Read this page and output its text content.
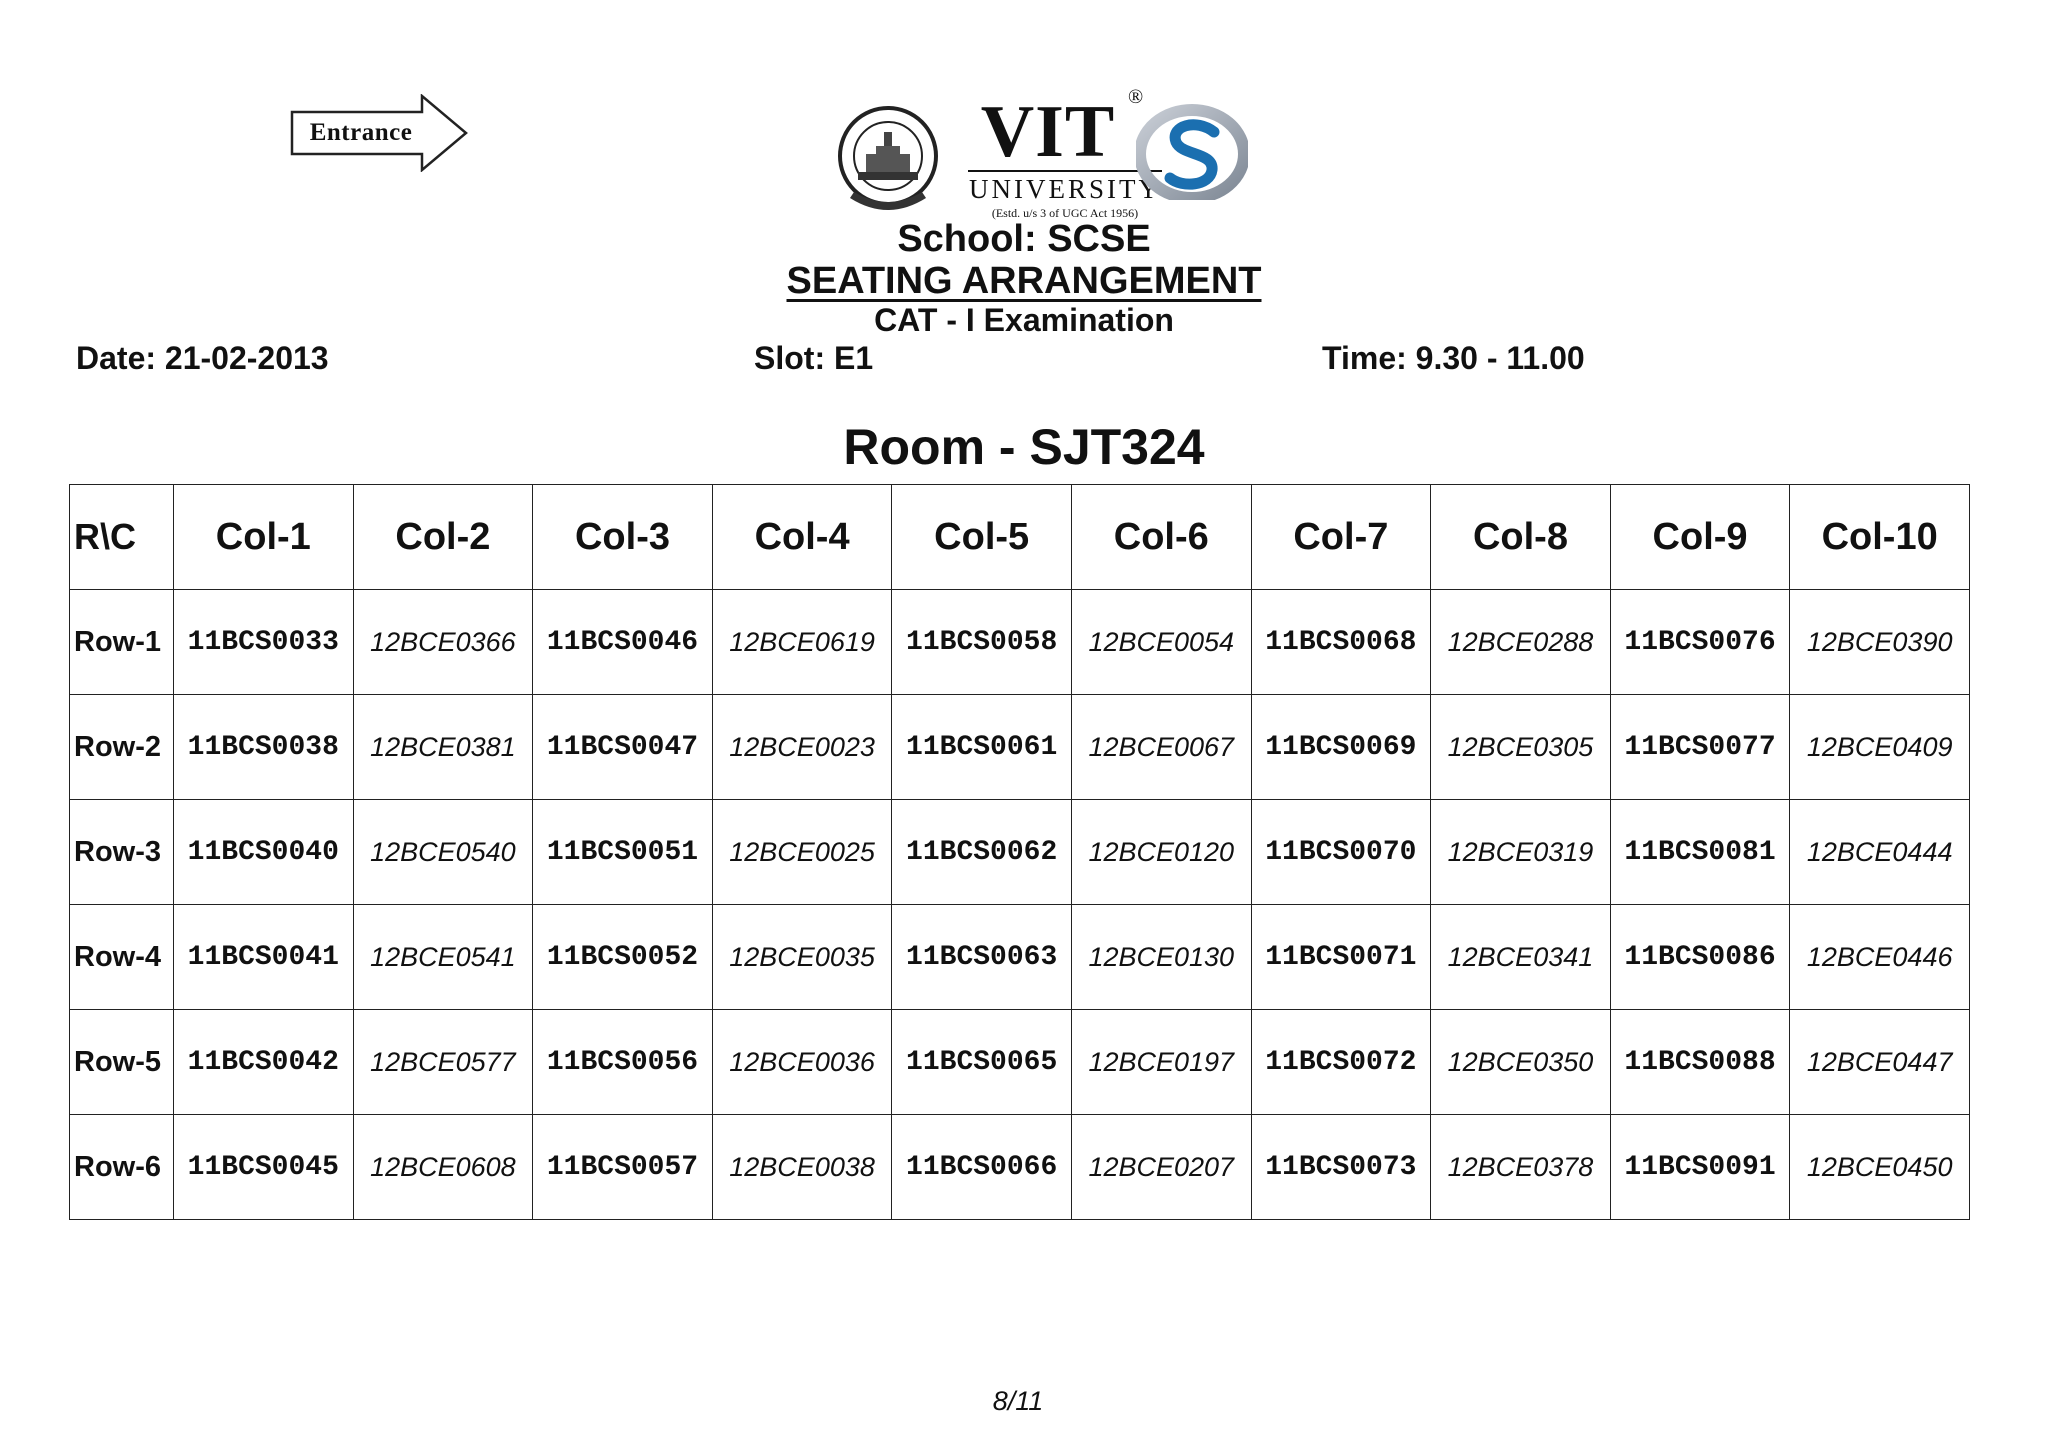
Entrance	VIT ®
UNIVERSITY
(Estd. u/s 3 of UGC Act 1956)
School: SCSE
SEATING ARRANGEMENT
CAT - I Examination
Date: 21-02-2013	Slot: E1	Time: 9.30 - 11.00
Room - SJT324
R\C	Col-1	Col-2	Col-3	Col-4	Col-5	Col-6	Col-7	Col-8	Col-9	Col-10
Row-1	11BCS0033	12BCE0366	11BCS0046	12BCE0619	11BCS0058	12BCE0054	11BCS0068	12BCE0288	11BCS0076	12BCE0390
Row-2	11BCS0038	12BCE0381	11BCS0047	12BCE0023	11BCS0061	12BCE0067	11BCS0069	12BCE0305	11BCS0077	12BCE0409
Row-3	11BCS0040	12BCE0540	11BCS0051	12BCE0025	11BCS0062	12BCE0120	11BCS0070	12BCE0319	11BCS0081	12BCE0444
Row-4	11BCS0041	12BCE0541	11BCS0052	12BCE0035	11BCS0063	12BCE0130	11BCS0071	12BCE0341	11BCS0086	12BCE0446
Row-5	11BCS0042	12BCE0577	11BCS0056	12BCE0036	11BCS0065	12BCE0197	11BCS0072	12BCE0350	11BCS0088	12BCE0447
Row-6	11BCS0045	12BCE0608	11BCS0057	12BCE0038	11BCS0066	12BCE0207	11BCS0073	12BCE0378	11BCS0091	12BCE0450
8/11
